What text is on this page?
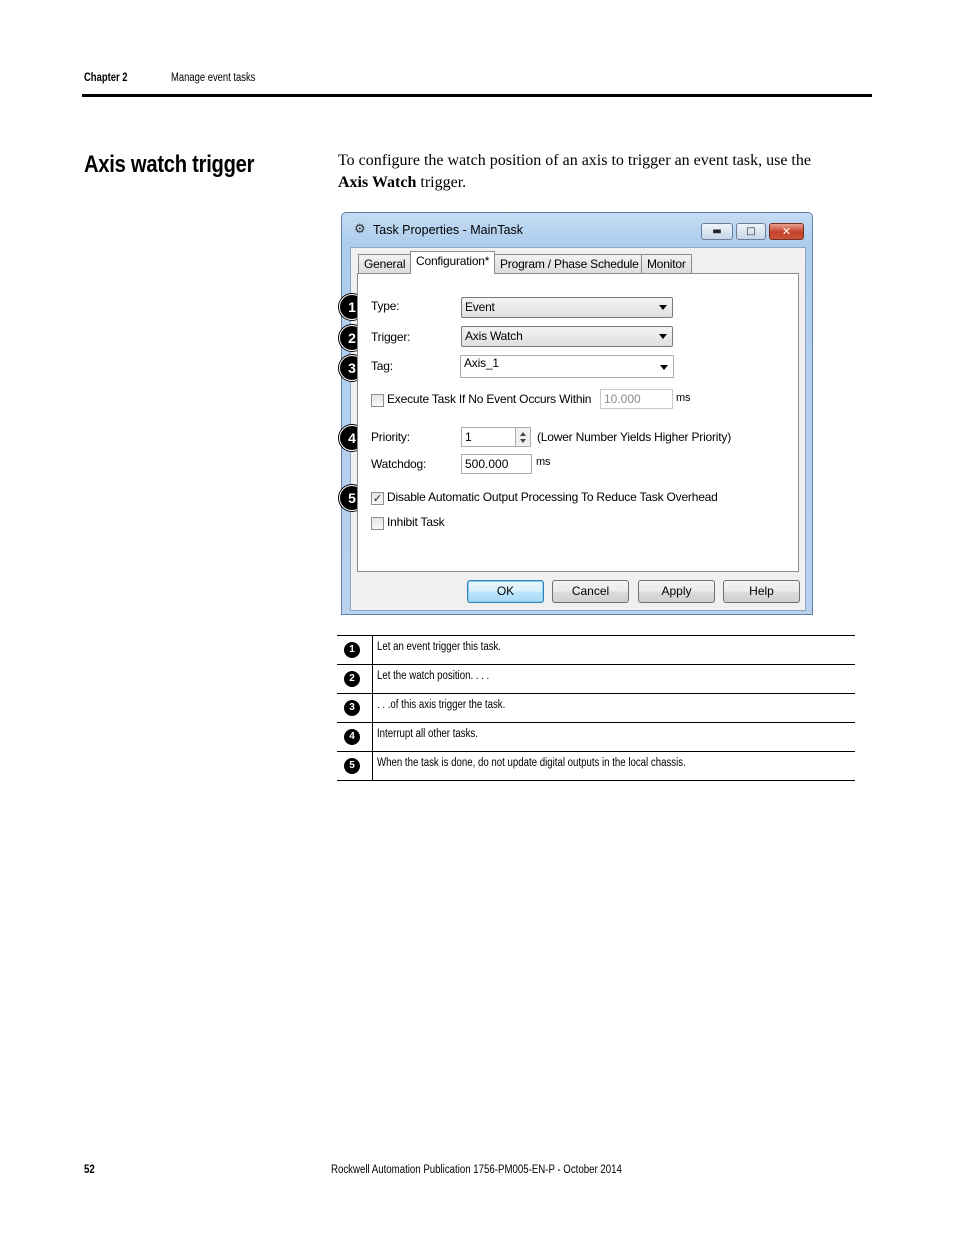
Chapter 2	Manage event tasks
Axis watch trigger	To configure the watch position of an axis to trigger an event task, use the Axis Watch trigger.
⚙ Task Properties - MainTask	▬ □ ✕
General Configuration* Program / Phase Schedule Monitor
Type:	Event
Trigger:	Axis Watch
Tag:	Axis_1
Execute Task If No Event Occurs Within	10.000	ms
Priority:	1	(Lower Number Yields Higher Priority)
Watchdog:	500.000	ms
✓ Disable Automatic Output Processing To Reduce Task Overhead
Inhibit Task
OK	Cancel	Apply	Help
1
2
3
4
5
1	Let an event trigger this task.
2	Let the watch position. . . .
3	. . .of this axis trigger the task.
4	Interrupt all other tasks.
5	When the task is done, do not update digital outputs in the local chassis.
52	Rockwell Automation Publication 1756-PM005-EN-P - October 2014
